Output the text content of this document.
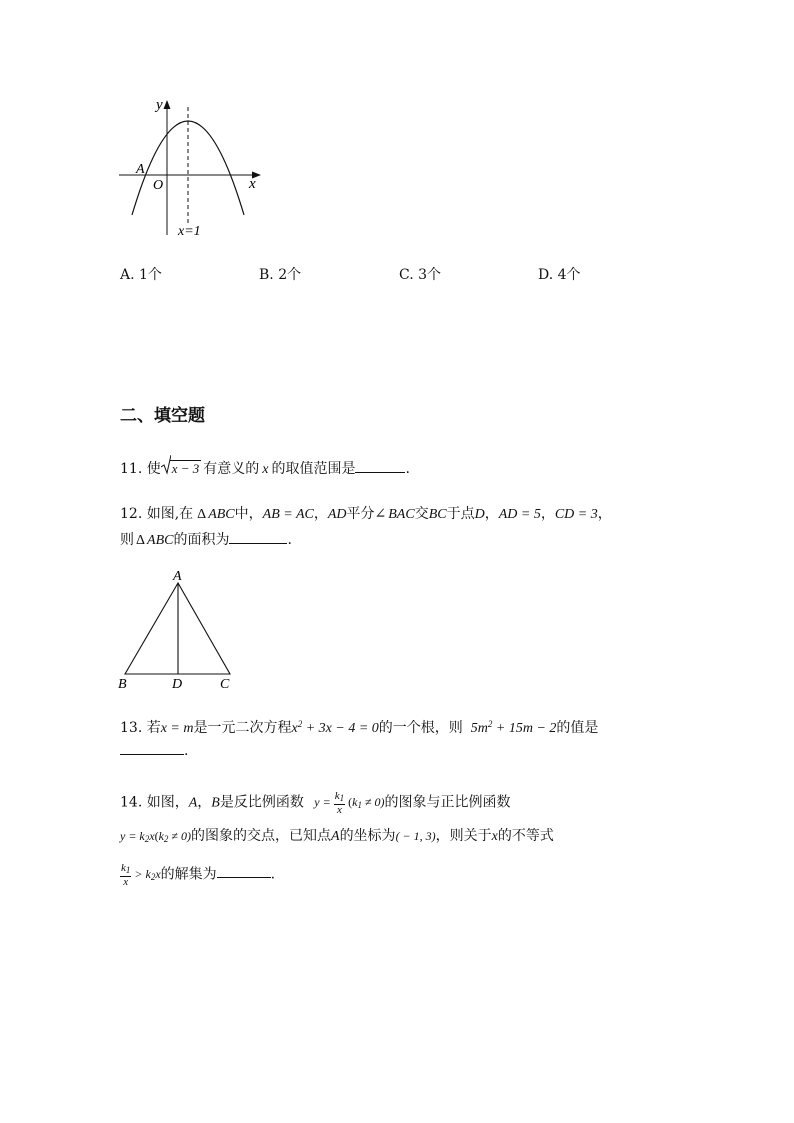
y
x
O
A
x=1
A. 1个	B. 2个	C. 3个	D. 4个
二、填空题
11. 使 x − 3 有意义的 x 的取值范围是	.
12. 如图,在 Δ ABC中，AB = AC，AD平分∠ BAC交BC于点D，AD = 5，CD = 3，
则 Δ ABC的面积为	.
A
B	D	C
13. 若x = m是一元二次方程$x^2 + 3x - 4 = 0$的一个根，则 $5m^2 + 15m - 2$的值是
.
14. 如图，A，B是反比例函数 $y = \frac{k_1}{x} (k_1 \ne 0)$的图象与正比例函数
$y = k_2x(k_2 \ne 0)$的图象的交点，已知点A的坐标为( − 1, 3)，则关于x的不等式
$\frac{k_1}{x} > k_2x$的解集为	.
